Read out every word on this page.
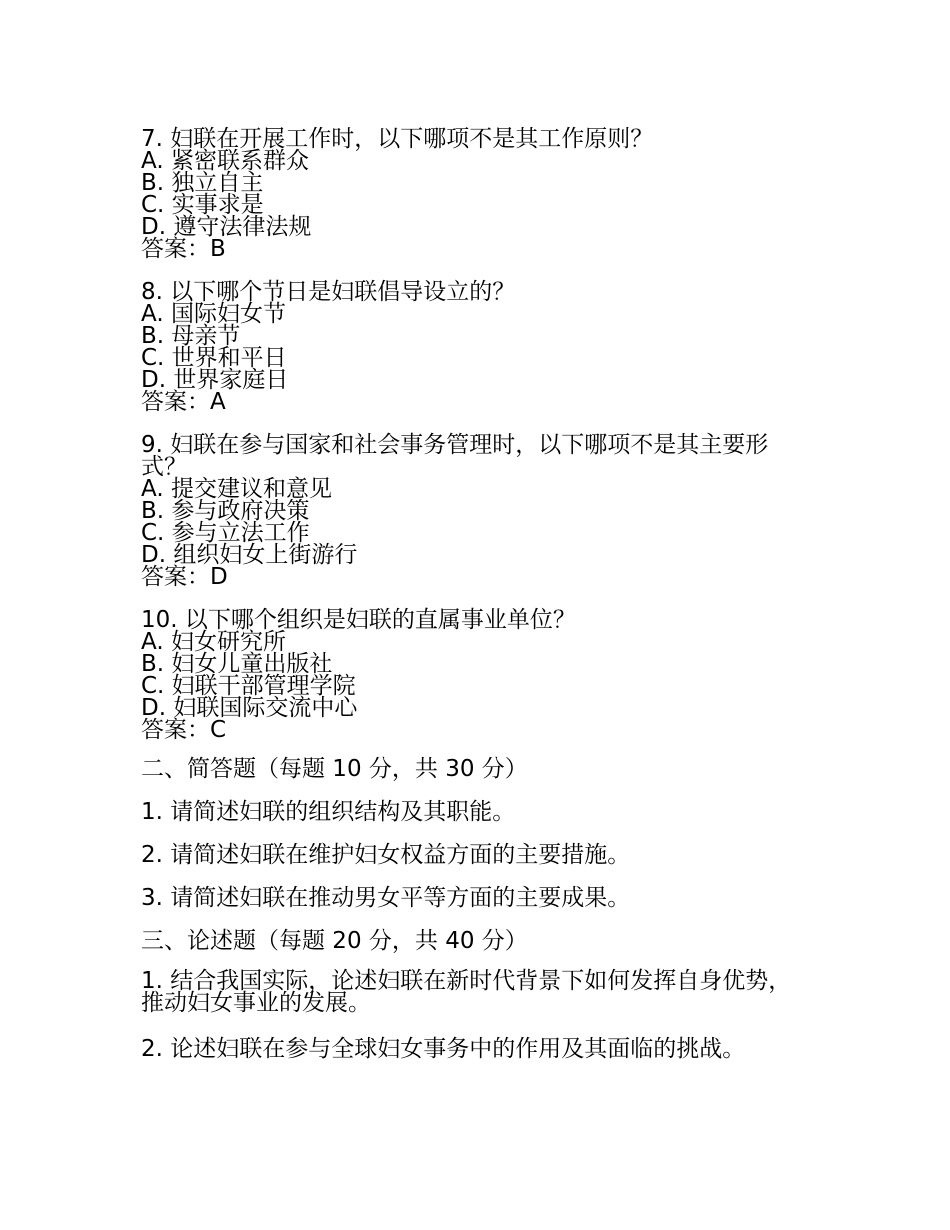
7. 妇联在开展工作时，以下哪项不是其工作原则？
A. 紧密联系群众
B. 独立自主
C. 实事求是
D. 遵守法律法规
答案：B
8. 以下哪个节日是妇联倡导设立的？
A. 国际妇女节
B. 母亲节
C. 世界和平日
D. 世界家庭日
答案：A
9. 妇联在参与国家和社会事务管理时，以下哪项不是其主要形式？
A. 提交建议和意见
B. 参与政府决策
C. 参与立法工作
D. 组织妇女上街游行
答案：D
10. 以下哪个组织是妇联的直属事业单位？
A. 妇女研究所
B. 妇女儿童出版社
C. 妇联干部管理学院
D. 妇联国际交流中心
答案：C
二、简答题（每题 10 分，共 30 分）
1. 请简述妇联的组织结构及其职能。
2. 请简述妇联在维护妇女权益方面的主要措施。
3. 请简述妇联在推动男女平等方面的主要成果。
三、论述题（每题 20 分，共 40 分）
1. 结合我国实际，论述妇联在新时代背景下如何发挥自身优势，推动妇女事业的发展。
2. 论述妇联在参与全球妇女事务中的作用及其面临的挑战。
